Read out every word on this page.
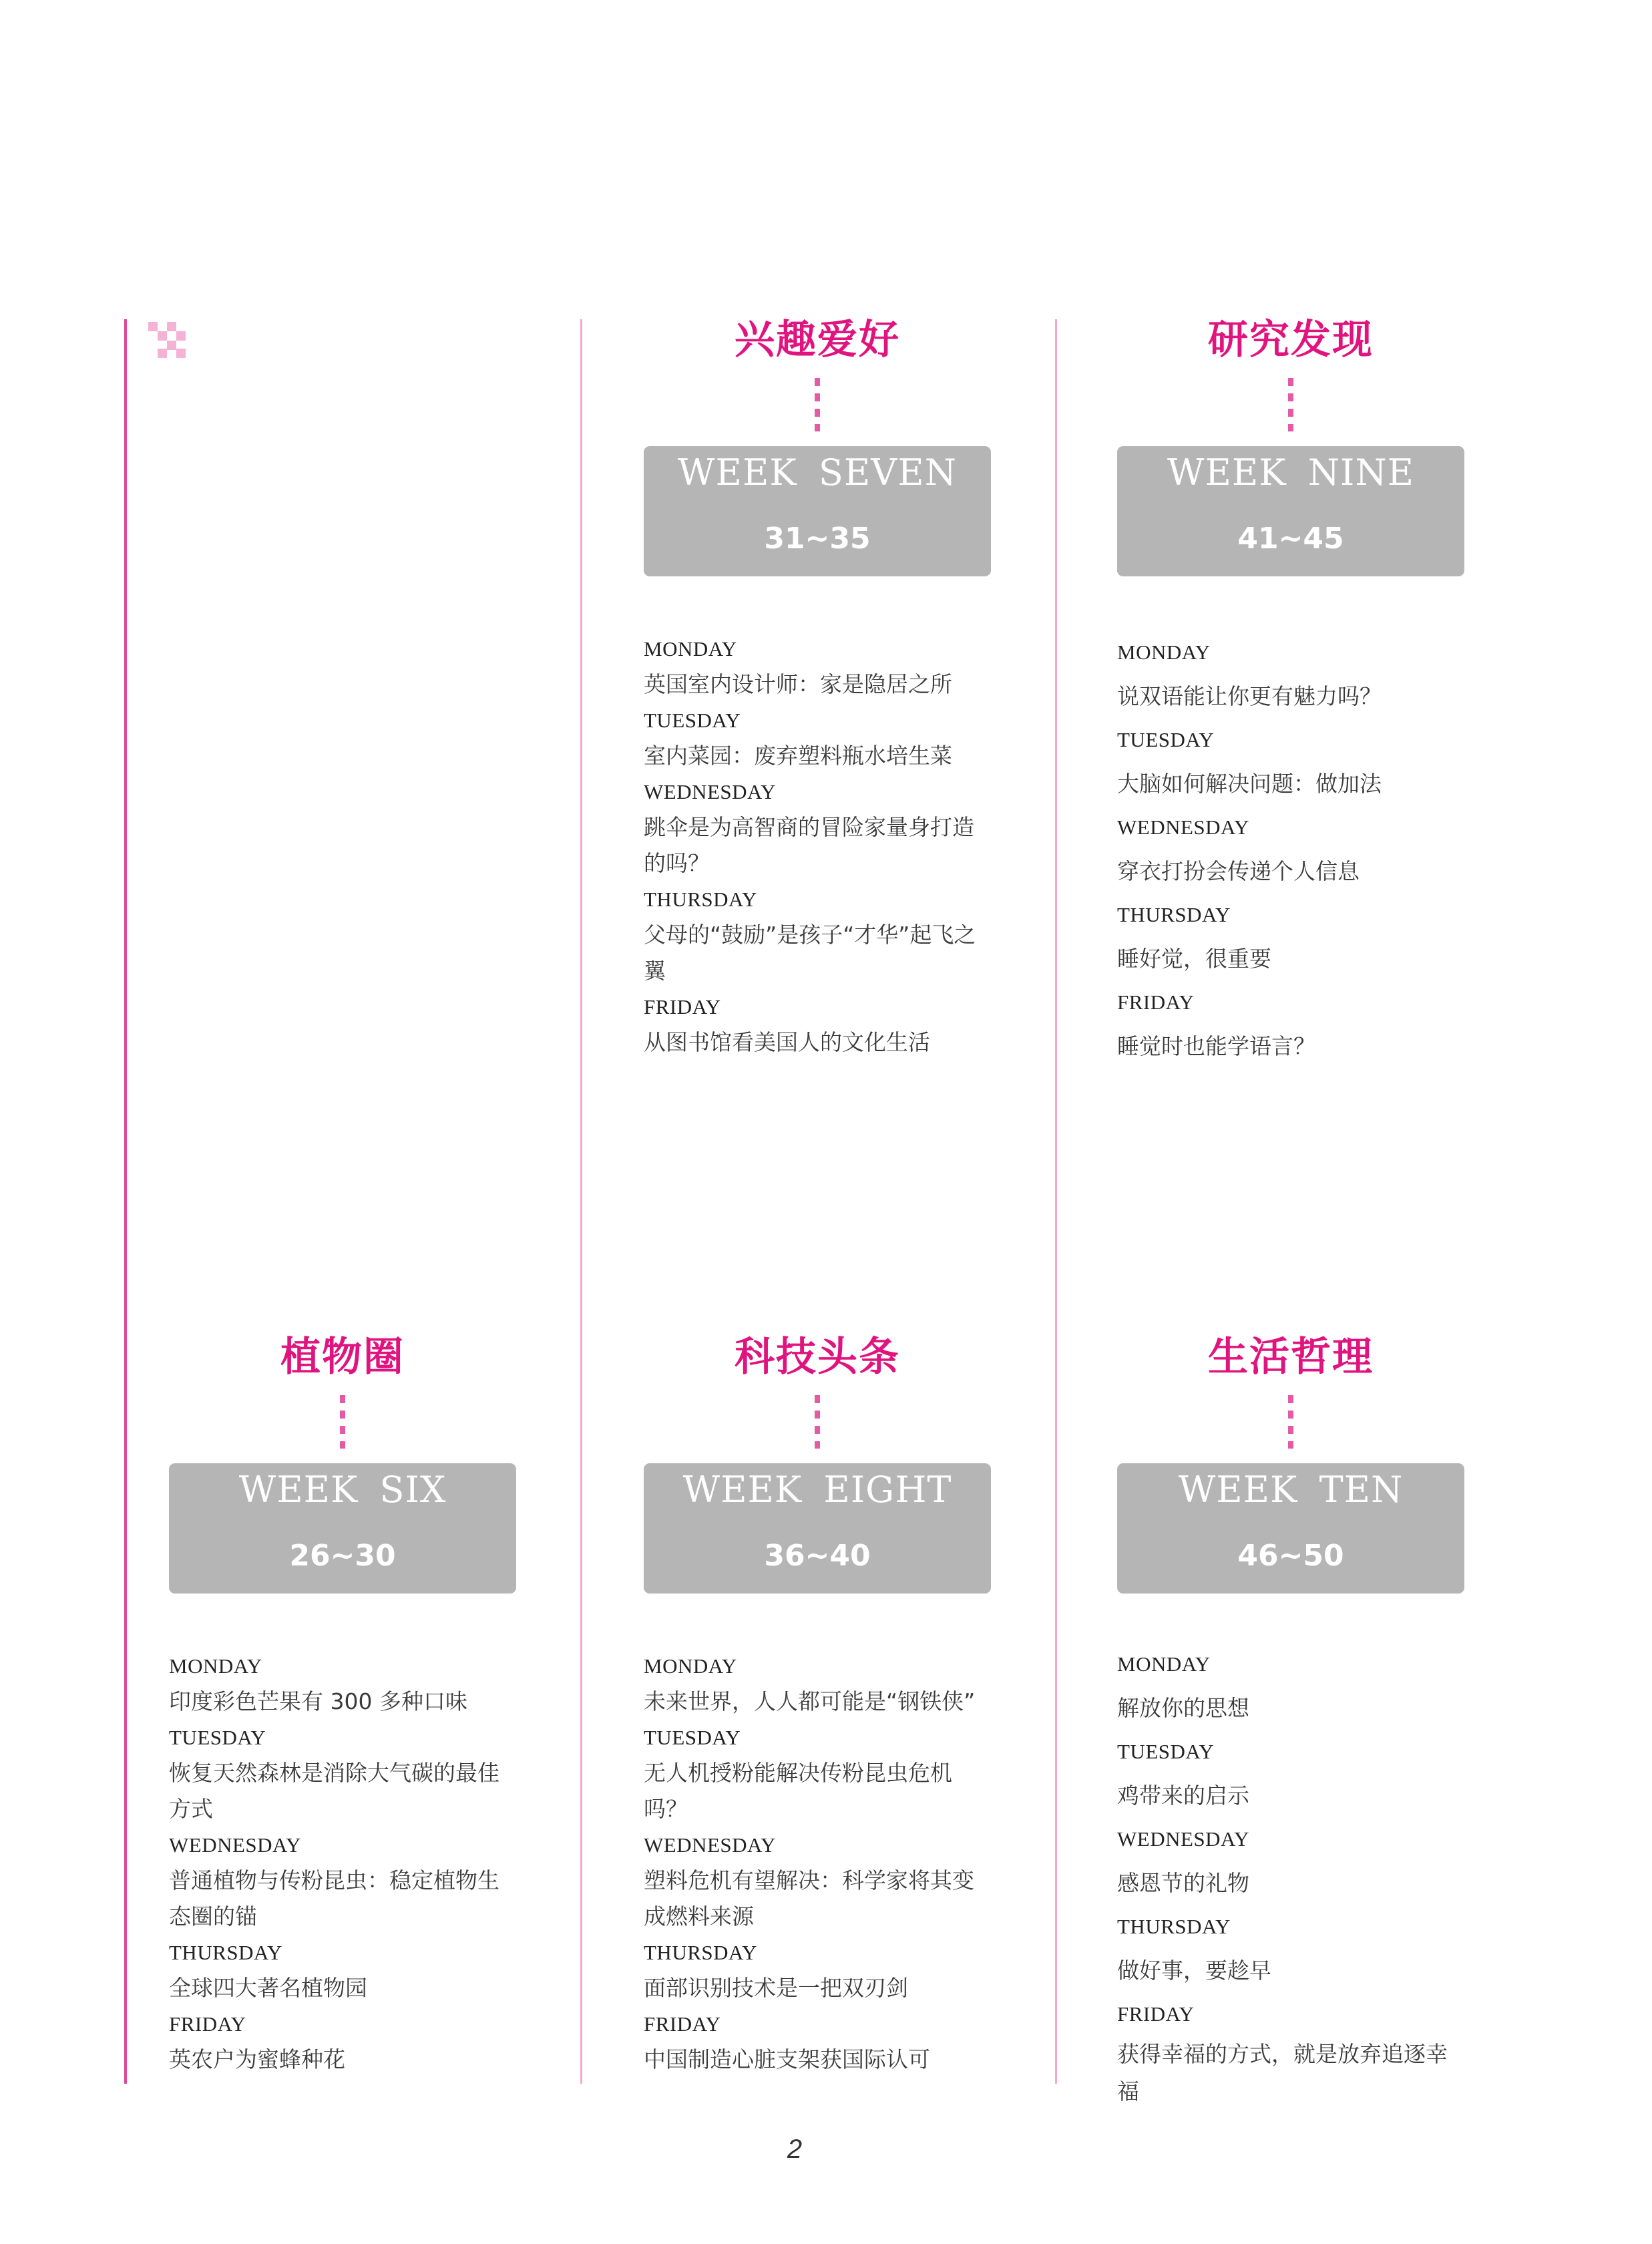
兴趣爱好
WEEK SEVEN
31~35
MONDAY
英国室内设计师：家是隐居之所
TUESDAY
室内菜园：废弃塑料瓶水培生菜
WEDNESDAY
跳伞是为高智商的冒险家量身打造的吗？
THURSDAY
父母的“鼓励”是孩子“才华”起飞之翼
FRIDAY
从图书馆看美国人的文化生活
研究发现
WEEK NINE
41~45
MONDAY
说双语能让你更有魅力吗？
TUESDAY
大脑如何解决问题：做加法
WEDNESDAY
穿衣打扮会传递个人信息
THURSDAY
睡好觉，很重要
FRIDAY
睡觉时也能学语言？
植物圈
WEEK SIX
26~30
MONDAY
印度彩色芒果有 300 多种口味
TUESDAY
恢复天然森林是消除大气碳的最佳方式
WEDNESDAY
普通植物与传粉昆虫：稳定植物生态圈的锚
THURSDAY
全球四大著名植物园
FRIDAY
英农户为蜜蜂种花
科技头条
WEEK EIGHT
36~40
MONDAY
未来世界，人人都可能是“钢铁侠”
TUESDAY
无人机授粉能解决传粉昆虫危机吗？
WEDNESDAY
塑料危机有望解决：科学家将其变成燃料来源
THURSDAY
面部识别技术是一把双刃剑
FRIDAY
中国制造心脏支架获国际认可
生活哲理
WEEK TEN
46~50
MONDAY
解放你的思想
TUESDAY
鸡带来的启示
WEDNESDAY
感恩节的礼物
THURSDAY
做好事，要趁早
FRIDAY
获得幸福的方式，就是放弃追逐幸福
2
